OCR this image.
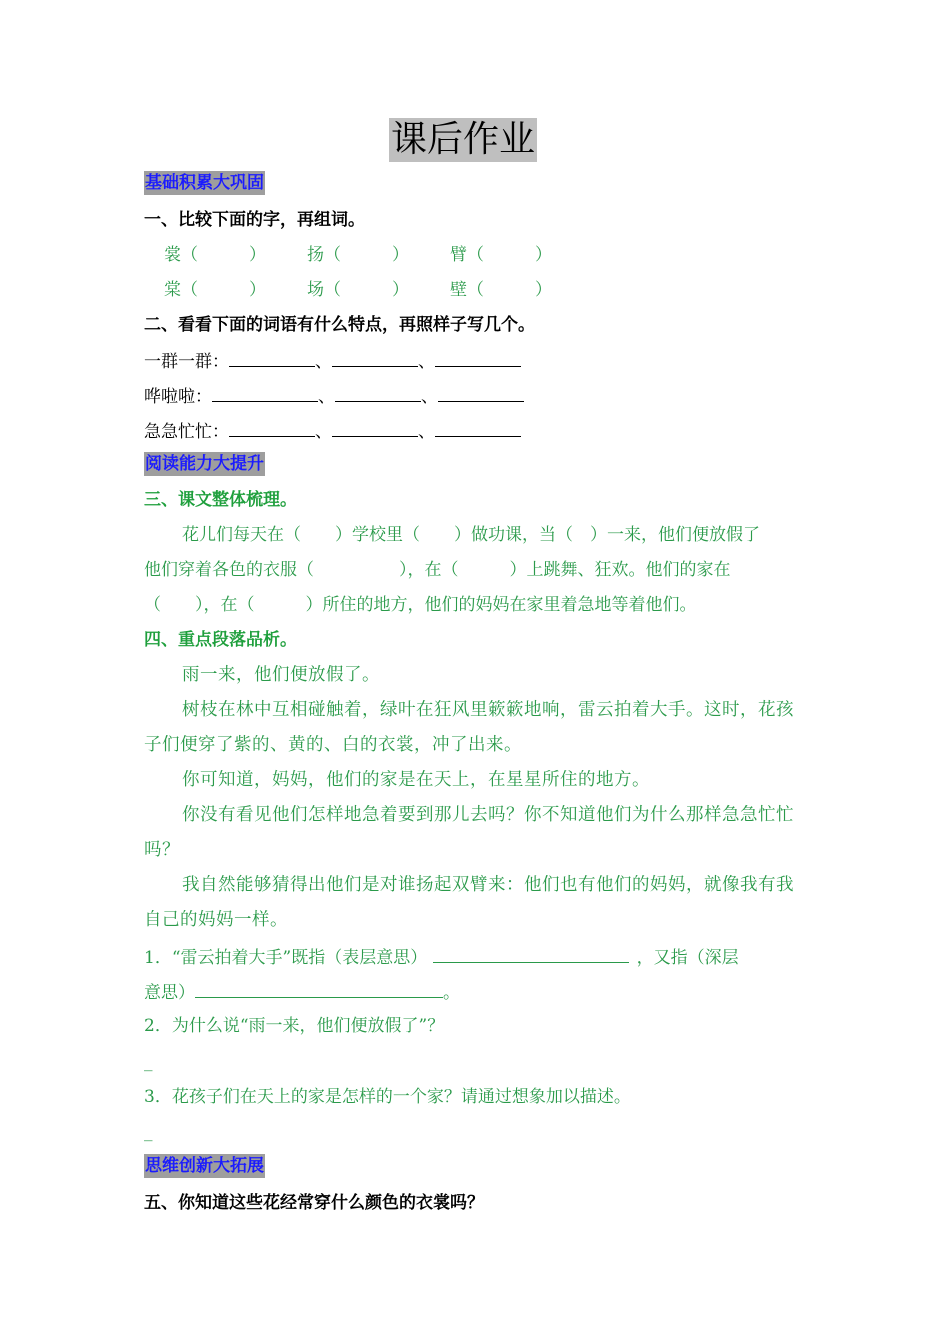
课后作业
基础积累大巩固
一、比较下面的字，再组词。
裳（　　　） 扬（　　　） 臂（　　　）
棠（　　　） 场（　　　） 壁（　　　）
二、看看下面的词语有什么特点，再照样子写几个。
一群一群：	、	、
哗啦啦：	、	、
急急忙忙：	、	、
阅读能力大提升
三、课文整体梳理。
花儿们每天在（　　）学校里（　　）做功课，当（　）一来，他们便放假了
他们穿着各色的衣服（　　　　　），在（　　　）上跳舞、狂欢。他们的家在
（　　），在（　　　）所住的地方，他们的妈妈在家里着急地等着他们。
四、重点段落品析。
雨一来，他们便放假了。
树枝在林中互相碰触着，绿叶在狂风里簌簌地响，雷云拍着大手。这时，花孩子们便穿了紫的、黄的、白的衣裳，冲了出来。
你可知道，妈妈，他们的家是在天上，在星星所住的地方。
你没有看见他们怎样地急着要到那儿去吗？你不知道他们为什么那样急急忙忙吗？
我自然能够猜得出他们是对谁扬起双臂来：他们也有他们的妈妈，就像我有我自己的妈妈一样。
1．“雷云拍着大手”既指（表层意思）	，又指（深层
意思）	。
2．为什么说“雨一来，他们便放假了”？
_
3．花孩子们在天上的家是怎样的一个家？请通过想象加以描述。
_
思维创新大拓展
五、你知道这些花经常穿什么颜色的衣裳吗？
